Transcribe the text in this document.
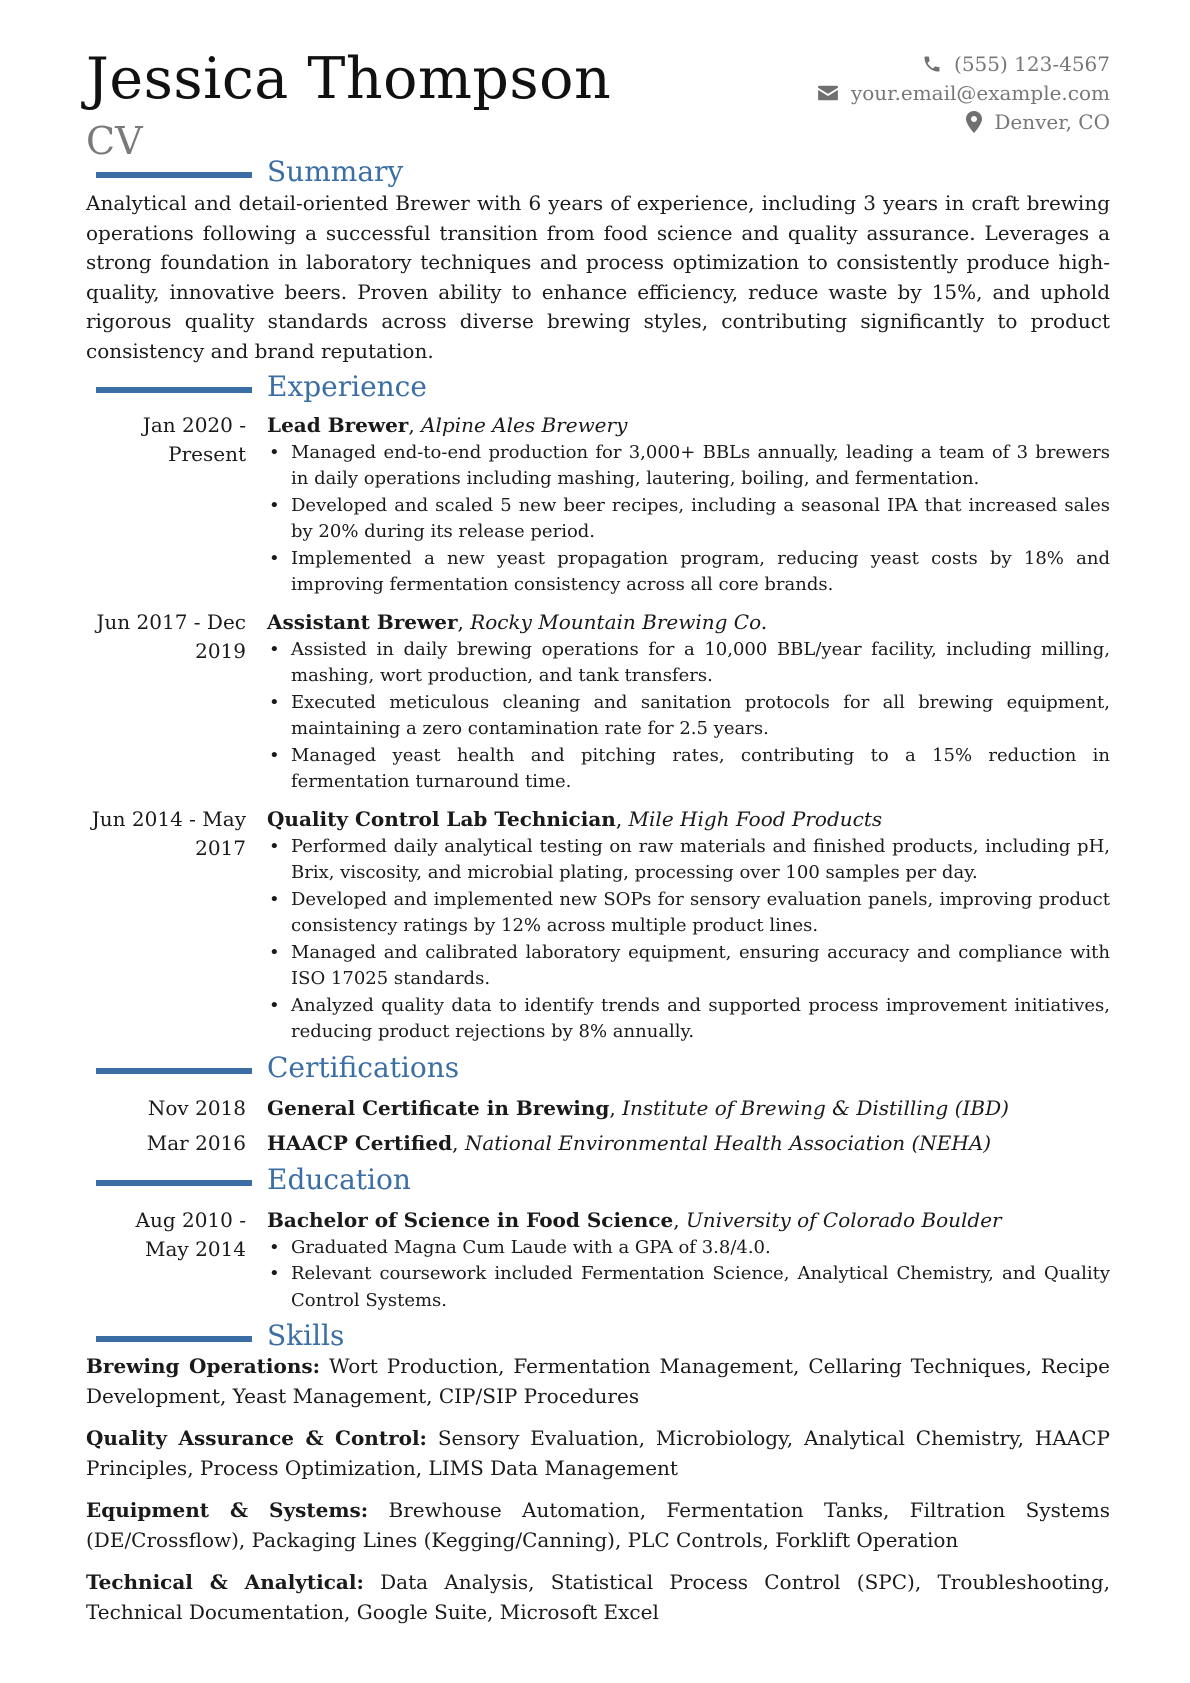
Jessica Thompson
CV
(555) 123-4567
your.email@example.com
Denver, CO
Summary

Analytical and detail-oriented Brewer with 6 years of experience, including 3 years in craft brewing operations following a successful transition from food science and quality assurance. Leverages a strong foundation in laboratory techniques and process optimization to consistently produce high-quality, innovative beers. Proven ability to enhance efficiency, reduce waste by 15%, and uphold rigorous quality standards across diverse brewing styles, contributing significantly to product consistency and brand reputation.

Experience
Jan 2020 - Present
Lead Brewer, Alpine Ales Brewery
• Managed end-to-end production for 3,000+ BBLs annually, leading a team of 3 brewers in daily operations including mashing, lautering, boiling, and fermentation.
• Developed and scaled 5 new beer recipes, including a seasonal IPA that increased sales by 20% during its release period.
• Implemented a new yeast propagation program, reducing yeast costs by 18% and improving fermentation consistency across all core brands.
Jun 2017 - Dec 2019
Assistant Brewer, Rocky Mountain Brewing Co.
• Assisted in daily brewing operations for a 10,000 BBL/year facility, including milling, mashing, wort production, and tank transfers.
• Executed meticulous cleaning and sanitation protocols for all brewing equipment, maintaining a zero contamination rate for 2.5 years.
• Managed yeast health and pitching rates, contributing to a 15% reduction in fermentation turnaround time.
Jun 2014 - May 2017
Quality Control Lab Technician, Mile High Food Products
• Performed daily analytical testing on raw materials and finished products, including pH, Brix, viscosity, and microbial plating, processing over 100 samples per day.
• Developed and implemented new SOPs for sensory evaluation panels, improving product consistency ratings by 12% across multiple product lines.
• Managed and calibrated laboratory equipment, ensuring accuracy and compliance with ISO 17025 standards.
• Analyzed quality data to identify trends and supported process improvement initiatives, reducing product rejections by 8% annually.
Certifications
Nov 2018	General Certificate in Brewing, Institute of Brewing & Distilling (IBD)
Mar 2016	HAACP Certified, National Environmental Health Association (NEHA)
Education
Aug 2010 - May 2014
Bachelor of Science in Food Science, University of Colorado Boulder
• Graduated Magna Cum Laude with a GPA of 3.8/4.0.
• Relevant coursework included Fermentation Science, Analytical Chemistry, and Quality Control Systems.
Skills
Brewing Operations: Wort Production, Fermentation Management, Cellaring Techniques, Recipe Development, Yeast Management, CIP/SIP Procedures
Quality Assurance & Control: Sensory Evaluation, Microbiology, Analytical Chemistry, HAACP Principles, Process Optimization, LIMS Data Management
Equipment & Systems: Brewhouse Automation, Fermentation Tanks, Filtration Systems (DE/Crossflow), Packaging Lines (Kegging/Canning), PLC Controls, Forklift Operation
Technical & Analytical: Data Analysis, Statistical Process Control (SPC), Troubleshooting, Technical Documentation, Google Suite, Microsoft Excel
